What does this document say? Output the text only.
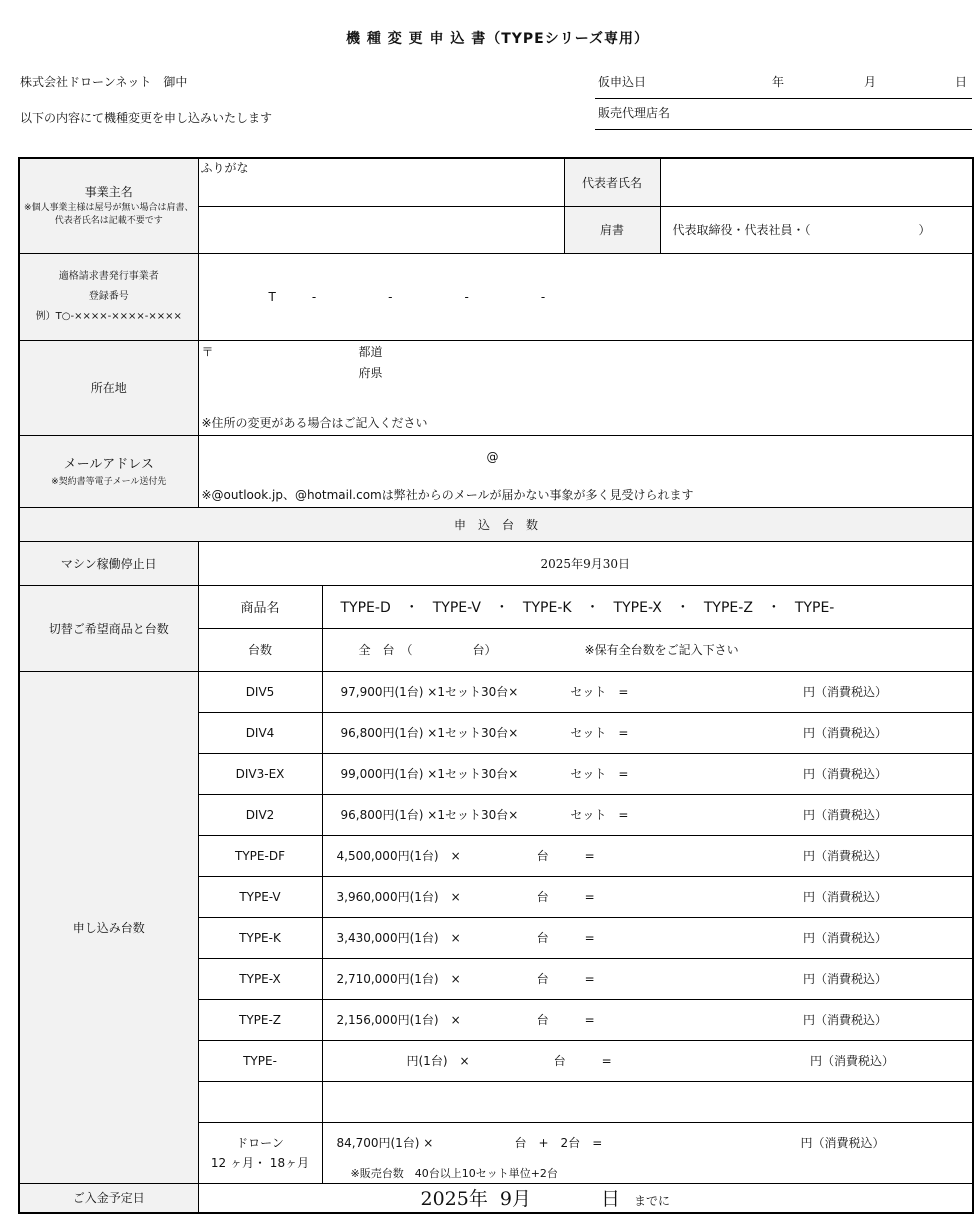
機 種 変 更 申 込 書（TYPEシリーズ専用）
株式会社ドローンネット　御中
以下の内容にて機種変更を申し込みいたします
仮申込日	年	月	日
販売代理店名
事業主名
※個人事業主様は屋号が無い場合は肩書、代表者氏名は記載不要です	ふりがな		代表者氏名	
			肩書	代表取締役・代表社員・（　　　　　　　　　）

適格請求書発行事業者
登録番号
例）T○-××××-××××-××××	T　　　-　　　　　　-　　　　　　-　　　　　　-			
所在地	〒 都道
府県
※住所の変更がある場合はご記入ください			

メールアドレス
※契約書等電子メール送付先	@
※@outlook.jp、@hotmail.comは弊社からのメールが届かない事象が多く見受けられます			

申　込　台　数				
マシン稼働停止日	2025年9月30日			
切替ご希望商品と台数	商品名	TYPE-D　・　TYPE-V　・　TYPE-K　・　TYPE-X　・　TYPE-Z　・　TYPE-		
	台数	全　台　（　　　　　台） ※保有全台数をご記入下さい		
申し込み台数	DIV5	97,900円(1台) ×1セット30台× セット　= 円（消費税込）		

	DIV4	96,800円(1台) ×1セット30台× セット　= 円（消費税込）		

	DIV3-EX	99,000円(1台) ×1セット30台× セット　= 円（消費税込）		

	DIV2	96,800円(1台) ×1セット30台× セット　= 円（消費税込）		

	TYPE-DF	4,500,000円(1台)　× 台　　　= 円（消費税込）		

	TYPE-V	3,960,000円(1台)　× 台　　　= 円（消費税込）		

	TYPE-K	3,430,000円(1台)　× 台　　　= 円（消費税込）		

	TYPE-X	2,710,000円(1台)　× 台　　　= 円（消費税込）		

	TYPE-Z	2,156,000円(1台)　× 台　　　= 円（消費税込）		

	TYPE-	円(1台)　× 台　　　= 円（消費税込）		

	ドローン
12 ヶ月・ 18ヶ月	84,700円(1台) × 台　+　2台　= 円（消費税込）
※販売台数　40台以上10セット単位+2台		

ご入金予定日	2025年  9月 日 までに			
